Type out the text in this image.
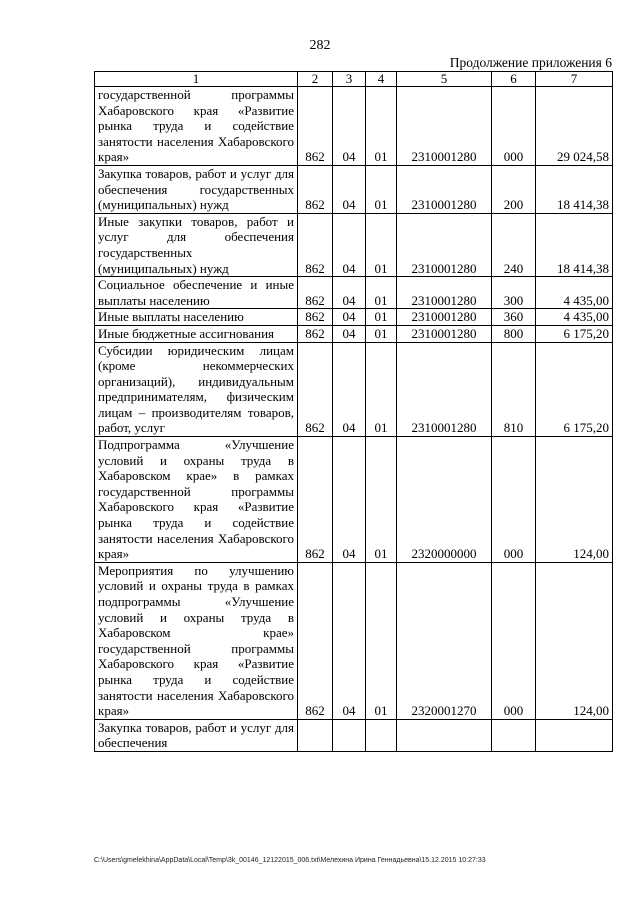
282
Продолжение приложения 6
1	2	3	4	5	6	7
государственной программы Хабаровского края «Развитие рынка труда и содействие занятости населения Хабаровского края»	862	04	01	2310001280	000	29 024,58
Закупка товаров, работ и услуг для обеспечения государственных (муниципальных) нужд	862	04	01	2310001280	200	18 414,38
Иные закупки товаров, работ и услуг для обеспечения государственных (муниципальных) нужд	862	04	01	2310001280	240	18 414,38
Социальное обеспечение и иные выплаты населению	862	04	01	2310001280	300	4 435,00
Иные выплаты населению	862	04	01	2310001280	360	4 435,00
Иные бюджетные ассигнования	862	04	01	2310001280	800	6 175,20
Субсидии юридическим лицам (кроме некоммерческих организаций), индивидуальным предпринимателям, физическим лицам – производителям товаров, работ, услуг	862	04	01	2310001280	810	6 175,20
Подпрограмма «Улучшение условий и охраны труда в Хабаровском крае» в рамках государственной программы Хабаровского края «Развитие рынка труда и содействие занятости населения Хабаровского края»	862	04	01	2320000000	000	124,00
Мероприятия по улучшению условий и охраны труда в рамках подпрограммы «Улучшение условий и охраны труда в Хабаровском крае» государственной программы Хабаровского края «Развитие рынка труда и содействие занятости населения Хабаровского края»	862	04	01	2320001270	000	124,00
Закупка товаров, работ и услуг для обеспечения						
C:\Users\gmelekhina\AppData\Local\Temp\3k_00146_12122015_006.txt\Мелехина Ирина Геннадьевна\15.12.2015 10:27:33
